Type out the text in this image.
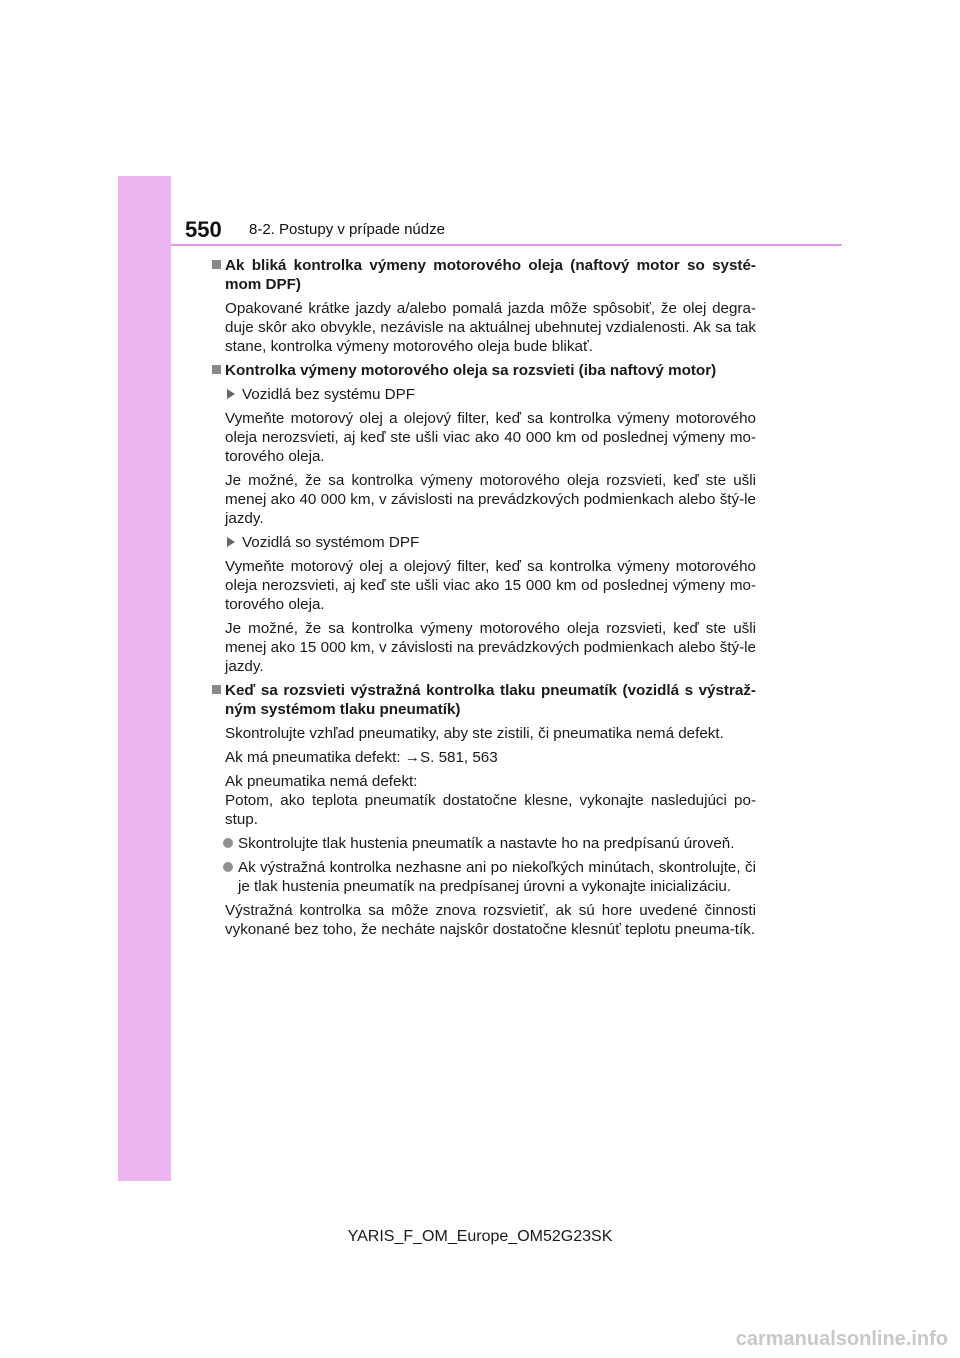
550 8-2. Postupy v prípade núdze
Ak bliká kontrolka výmeny motorového oleja (naftový motor so systé-mom DPF)
Opakované krátke jazdy a/alebo pomalá jazda môže spôsobiť, že olej degra-duje skôr ako obvykle, nezávisle na aktuálnej ubehnutej vzdialenosti. Ak sa tak stane, kontrolka výmeny motorového oleja bude blikať.
Kontrolka výmeny motorového oleja sa rozsvieti (iba naftový motor)
Vozidlá bez systému DPF
Vymeňte motorový olej a olejový filter, keď sa kontrolka výmeny motorového oleja nerozsvieti, aj keď ste ušli viac ako 40 000 km od poslednej výmeny mo-torového oleja.
Je možné, že sa kontrolka výmeny motorového oleja rozsvieti, keď ste ušli menej ako 40 000 km, v závislosti na prevádzkových podmienkach alebo štý-le jazdy.
Vozidlá so systémom DPF
Vymeňte motorový olej a olejový filter, keď sa kontrolka výmeny motorového oleja nerozsvieti, aj keď ste ušli viac ako 15 000 km od poslednej výmeny mo-torového oleja.
Je možné, že sa kontrolka výmeny motorového oleja rozsvieti, keď ste ušli menej ako 15 000 km, v závislosti na prevádzkových podmienkach alebo štý-le jazdy.
Keď sa rozsvieti výstražná kontrolka tlaku pneumatík (vozidlá s výstraž-ným systémom tlaku pneumatík)
Skontrolujte vzhľad pneumatiky, aby ste zistili, či pneumatika nemá defekt.
Ak má pneumatika defekt: →S. 581, 563
Ak pneumatika nemá defekt:
Potom, ako teplota pneumatík dostatočne klesne, vykonajte nasledujúci po-stup.
Skontrolujte tlak hustenia pneumatík a nastavte ho na predpísanú úroveň.
Ak výstražná kontrolka nezhasne ani po niekoľkých minútach, skontrolujte, či je tlak hustenia pneumatík na predpísanej úrovni a vykonajte inicializáciu.
Výstražná kontrolka sa môže znova rozsvietiť, ak sú hore uvedené činnosti vykonané bez toho, že necháte najskôr dostatočne klesnúť teplotu pneuma-tík.
YARIS_F_OM_Europe_OM52G23SK
carmanualsonline.info
